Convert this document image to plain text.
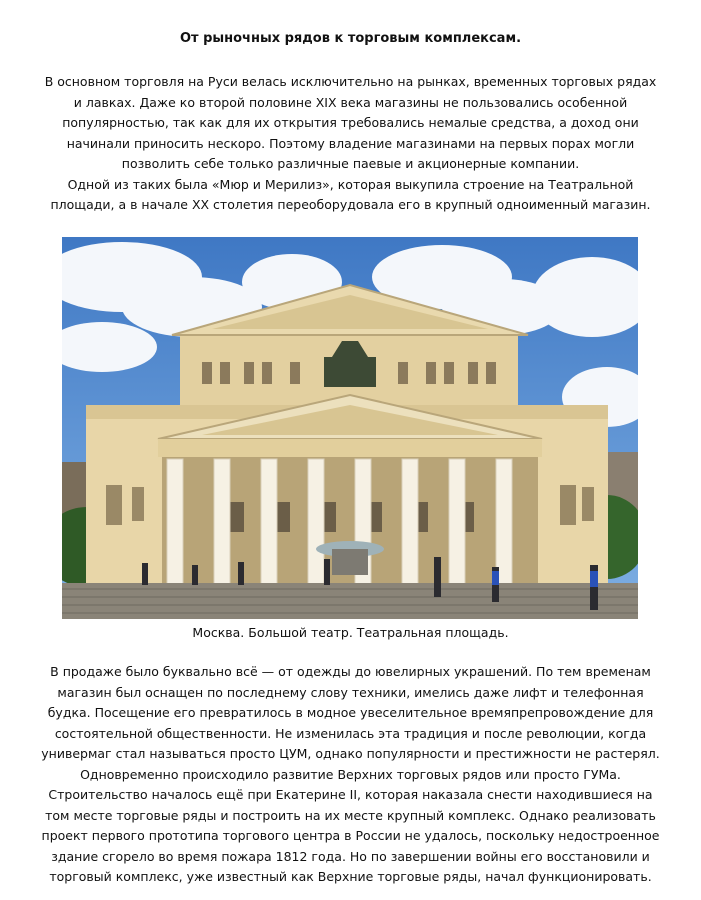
От рыночных рядов к торговым комплексам.
В основном торговля на Руси велась исключительно на рынках, временных торговых рядах
и лавках. Даже ко второй половине XIX века магазины не пользовались особенной
популярностью, так как для их открытия требовались немалые средства, а доход они
начинали приносить нескоро. Поэтому владение магазинами на первых порах могли
позволить себе только различные паевые и акционерные компании.
Одной из таких была «Мюр и Мерилиз», которая выкупила строение на Театральной
площади, а в начале XX столетия переоборудовала его в крупный одноименный магазин.
Москва. Большой театр. Театральная площадь.
В продаже было буквально всё — от одежды до ювелирных украшений. По тем временам
магазин был оснащен по последнему слову техники, имелись даже лифт и телефонная
будка. Посещение его превратилось в модное увеселительное времяпрепровождение для
состоятельной общественности. Не изменилась эта традиция и после революции, когда
универмаг стал называться просто ЦУМ, однако популярности и престижности не растерял.
Одновременно происходило развитие Верхних торговых рядов или просто ГУМа.
Строительство началось ещё при Екатерине II, которая наказала снести находившиеся на
том месте торговые ряды и построить на их месте крупный комплекс. Однако реализовать
проект первого прототипа торгового центра в России не удалось, поскольку недостроенное
здание сгорело во время пожара 1812 года. Но по завершении войны его восстановили и
торговый комплекс, уже известный как Верхние торговые ряды, начал функционировать.
